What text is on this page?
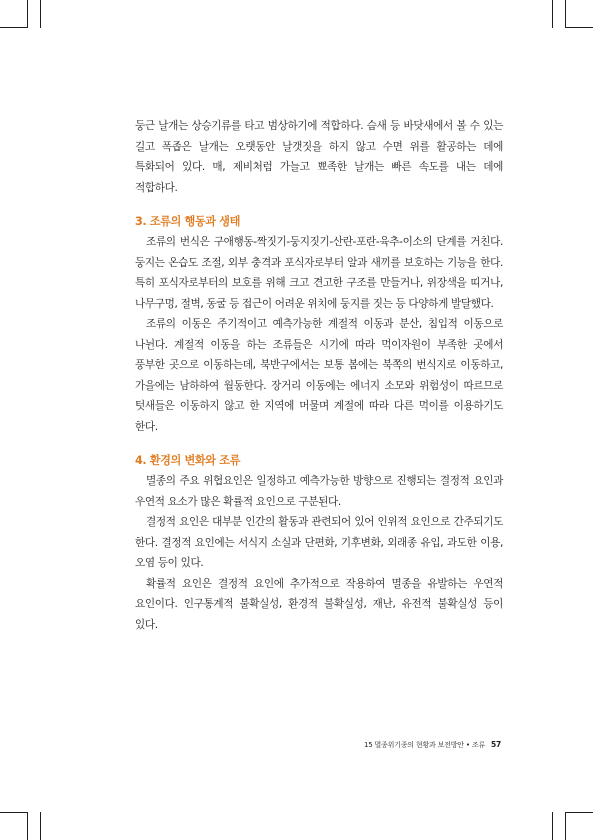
둥근 날개는 상승기류를 타고 범상하기에 적합하다. 슴새 등 바닷새에서 볼 수 있는 길고 폭좁은 날개는 오랫동안 날갯짓을 하지 않고 수면 위를 활공하는 데에 특화되어 있다. 매, 제비처럼 가늘고 뾰족한 날개는 빠른 속도를 내는 데에 적합하다.

3. 조류의 행동과 생태

조류의 번식은 구애행동-짝짓기-둥지짓기-산란-포란-육추-이소의 단계를 거친다. 둥지는 온습도 조절, 외부 충격과 포식자로부터 알과 새끼를 보호하는 기능을 한다. 특히 포식자로부터의 보호를 위해 크고 견고한 구조를 만들거나, 위장색을 띠거나, 나무구멍, 절벽, 동굴 등 접근이 어려운 위치에 둥지를 짓는 등 다양하게 발달했다.

조류의 이동은 주기적이고 예측가능한 계절적 이동과 분산, 침입적 이동으로 나뉜다. 계절적 이동을 하는 조류들은 시기에 따라 먹이자원이 부족한 곳에서 풍부한 곳으로 이동하는데, 북반구에서는 보통 봄에는 북쪽의 번식지로 이동하고, 가을에는 남하하여 월동한다. 장거리 이동에는 에너지 소모와 위험성이 따르므로 텃새들은 이동하지 않고 한 지역에 머물며 계절에 따라 다른 먹이를 이용하기도 한다.

4. 환경의 변화와 조류

멸종의 주요 위협요인은 일정하고 예측가능한 방향으로 진행되는 결정적 요인과 우연적 요소가 많은 확률적 요인으로 구분된다.

결정적 요인은 대부분 인간의 활동과 관련되어 있어 인위적 요인으로 간주되기도 한다. 결정적 요인에는 서식지 소실과 단편화, 기후변화, 외래종 유입, 과도한 이용, 오염 등이 있다.

확률적 요인은 결정적 요인에 추가적으로 작용하여 멸종을 유발하는 우연적 요인이다. 인구통계적 불확실성, 환경적 불확실성, 재난, 유전적 불확실성 등이 있다.

15 멸종위기종의 현황과 보전방안 • 조류 57
